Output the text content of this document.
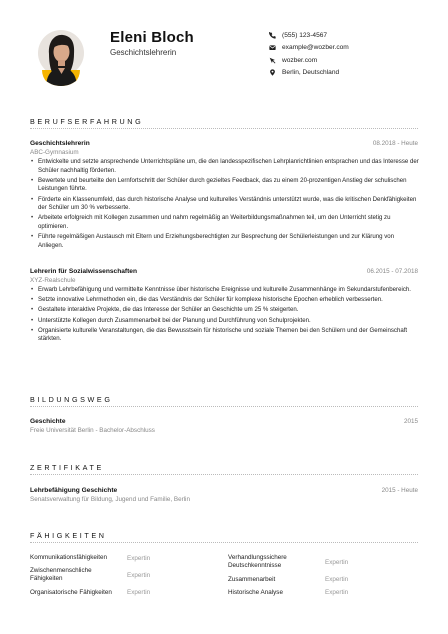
Eleni Bloch
Geschichtslehrerin
(555) 123-4567
example@wozber.com
wozber.com
Berlin, Deutschland
BERUFSERFAHRUNG
Geschichtslehrerin	08.2018 - Heute
ABC-Gymnasium
• Entwickelte und setzte ansprechende Unterrichtspläne um, die den landesspezifischen Lehrplanrichtlinien entsprachen und das Interesse der Schüler nachhaltig förderten.
• Bewertete und beurteilte den Lernfortschritt der Schüler durch gezieltes Feedback, das zu einem 20-prozentigen Anstieg der schulischen Leistungen führte.
• Förderte ein Klassenumfeld, das durch historische Analyse und kulturelles Verständnis unterstützt wurde, was die kritischen Denkfähigkeiten der Schüler um 30 % verbesserte.
• Arbeitete erfolgreich mit Kollegen zusammen und nahm regelmäßig an Weiterbildungsmaßnahmen teil, um den Unterricht stetig zu optimieren.
• Führte regelmäßigen Austausch mit Eltern und Erziehungsberechtigten zur Besprechung der Schülerleistungen und zur Klärung von Anliegen.
Lehrerin für Sozialwissenschaften	06.2015 - 07.2018
XYZ-Realschule
• Erwarb Lehrbefähigung und vermittelte Kenntnisse über historische Ereignisse und kulturelle Zusammenhänge im Sekundarstufenbereich.
• Setzte innovative Lehrmethoden ein, die das Verständnis der Schüler für komplexe historische Epochen erheblich verbesserten.
• Gestaltete interaktive Projekte, die das Interesse der Schüler an Geschichte um 25 % steigerten.
• Unterstützte Kollegen durch Zusammenarbeit bei der Planung und Durchführung von Schulprojekten.
• Organisierte kulturelle Veranstaltungen, die das Bewusstsein für historische und soziale Themen bei den Schülern und der Gemeinschaft stärkten.
BILDUNGSWEG
Geschichte	2015
Freie Universität Berlin - Bachelor-Abschluss
ZERTIFIKATE
Lehrbefähigung Geschichte	2015 - Heute
Senatsverwaltung für Bildung, Jugend und Familie, Berlin
FÄHIGKEITEN
Kommunikationsfähigkeiten	Expertin
Zwischenmenschliche Fähigkeiten	Expertin
Organisatorische Fähigkeiten	Expertin
Verhandlungssichere Deutschkenntnisse	Expertin
Zusammenarbeit	Expertin
Historische Analyse	Expertin
